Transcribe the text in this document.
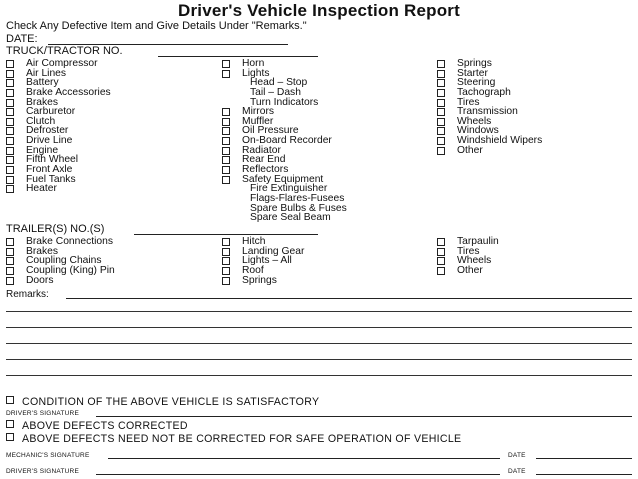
Driver's Vehicle Inspection Report
Check Any Defective Item and Give Details Under "Remarks."
DATE:
TRUCK/TRACTOR NO.
Air Compressor
Air Lines
Battery
Brake Accessories
Brakes
Carburetor
Clutch
Defroster
Drive Line
Engine
Fifth Wheel
Front Axle
Fuel Tanks
Heater
Horn
Lights
Head – Stop
Tail – Dash
Turn Indicators
Mirrors
Muffler
Oil Pressure
On-Board Recorder
Radiator
Rear End
Reflectors
Safety Equipment
Fire Extinguisher
Flags-Flares-Fusees
Spare Bulbs & Fuses
Spare Seal Beam
Springs
Starter
Steering
Tachograph
Tires
Transmission
Wheels
Windows
Windshield Wipers
Other
TRAILER(S) NO.(S)
Brake Connections
Brakes
Coupling Chains
Coupling (King) Pin
Doors
Hitch
Landing Gear
Lights – All
Roof
Springs
Tarpaulin
Tires
Wheels
Other
Remarks:
CONDITION OF THE ABOVE VEHICLE IS SATISFACTORY
DRIVER'S SIGNATURE
ABOVE DEFECTS CORRECTED
ABOVE DEFECTS NEED NOT BE CORRECTED FOR SAFE OPERATION OF VEHICLE
MECHANIC'S SIGNATURE	DATE
DRIVER'S SIGNATURE	DATE
